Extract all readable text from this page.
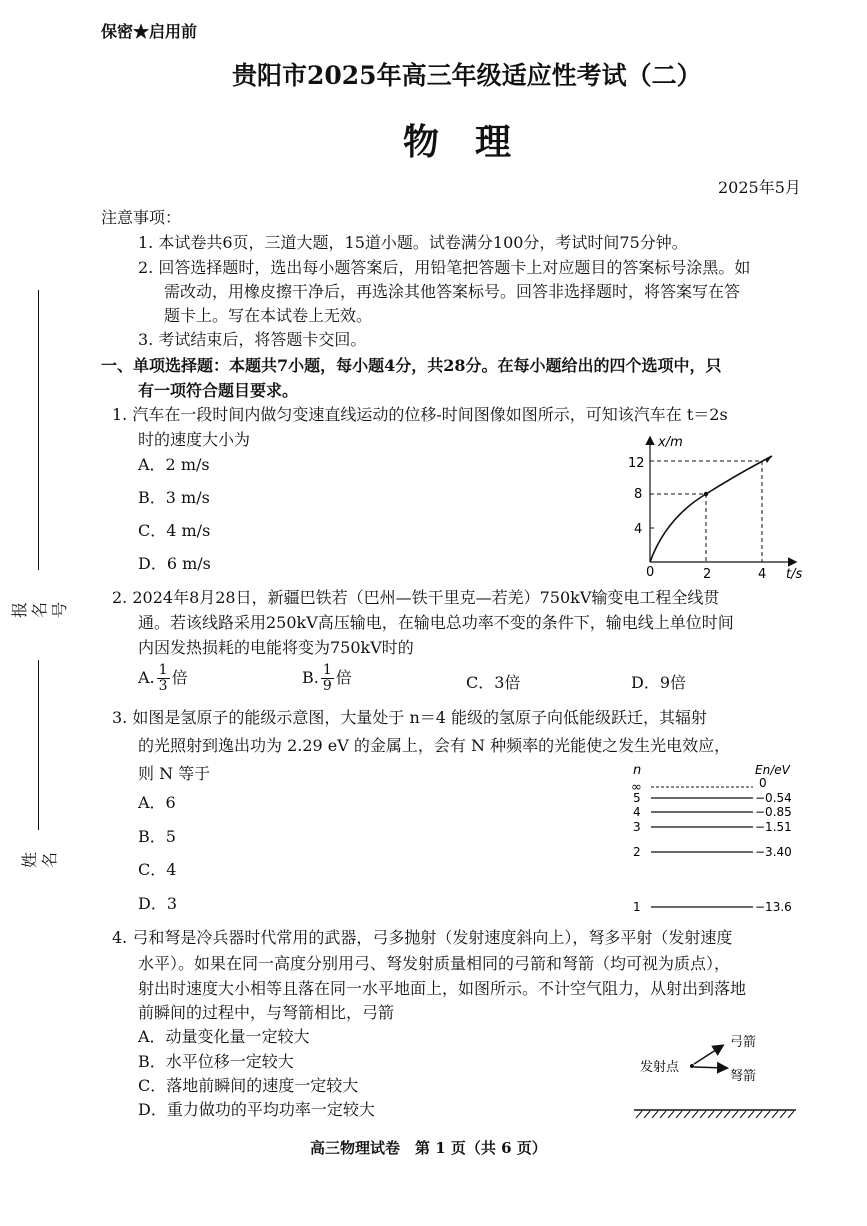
保密★启用前
贵阳市2025年高三年级适应性考试（二）
物　理
2025年5月
注意事项：
1. 本试卷共6页，三道大题，15道小题。试卷满分100分，考试时间75分钟。
2. 回答选择题时，选出每小题答案后，用铅笔把答题卡上对应题目的答案标号涂黑。如
需改动，用橡皮擦干净后，再选涂其他答案标号。回答非选择题时，将答案写在答
题卡上。写在本试卷上无效。
3. 考试结束后，将答题卡交回。
报名号
姓名
一、单项选择题：本题共7小题，每小题4分，共28分。在每小题给出的四个选项中，只
有一项符合题目要求。
1. 汽车在一段时间内做匀变速直线运动的位移-时间图像如图所示，可知该汽车在 t＝2s
时的速度大小为
A．2 m/s
B．3 m/s
C．4 m/s
D．6 m/s
x/m
t/s
0
4
8
12
2	4
2. 2024年8月28日，新疆巴铁若（巴州—铁干里克—若羌）750kV输变电工程全线贯
通。若该线路采用250kV高压输电，在输电总功率不变的条件下，输电线上单位时间
内因发热损耗的电能将变为750kV时的
A. $\frac{1}{3}$ 倍	B. $\frac{1}{9}$ 倍	C．3倍	D．9倍
3. 如图是氢原子的能级示意图，大量处于 n＝4 能级的氢原子向低能级跃迁，其辐射
的光照射到逸出功为 2.29 eV 的金属上，会有 N 种频率的光能使之发生光电效应，
则 N 等于
A．6
B．5
C．4
D．3
n	En/eV
∞	0
5	−0.54
4	−0.85
3	−1.51
2	−3.40
1	−13.6
4. 弓和弩是冷兵器时代常用的武器，弓多抛射（发射速度斜向上），弩多平射（发射速度
水平）。如果在同一高度分别用弓、弩发射质量相同的弓箭和弩箭（均可视为质点），
射出时速度大小相等且落在同一水平地面上，如图所示。不计空气阻力，从射出到落地
前瞬间的过程中，与弩箭相比，弓箭
A．动量变化量一定较大
B．水平位移一定较大
C．落地前瞬间的速度一定较大
D．重力做功的平均功率一定较大
发射点
弓箭
弩箭
高三物理试卷　第 1 页（共 6 页）
